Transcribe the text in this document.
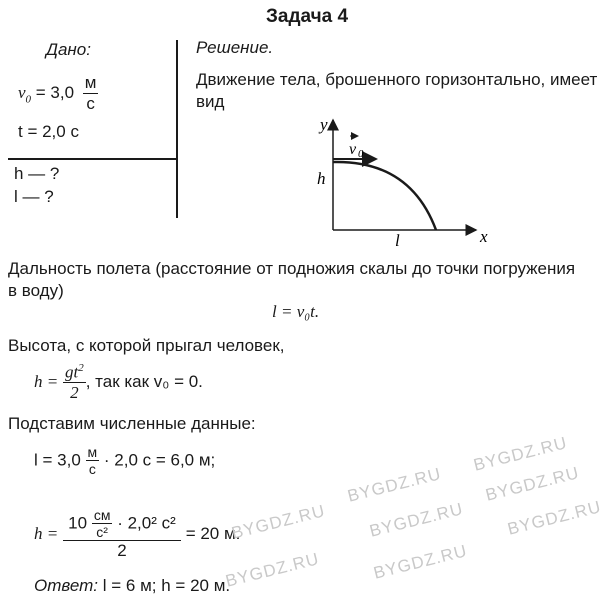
Задача 4
Дано:
$v_0 = 3,0 \frac{м}{с}$
t = 2,0 с
h — ?
l — ?
Решение.
Движение тела, брошенного горизонтально, имеет
вид
y
x
h
l
v 0
Дальность полета (расстояние от подножия скалы до точки погружения
в воду)
l = v₀t.
Высота, с которой прыгал человек,
$h = \frac{gt^2}{2}$ , так как v₀ = 0.
Подставим численные данные:
$l = 3,0 \frac{м}{с} \cdot 2,0$ с = 6,0 м;
$h = \frac{10 \frac{см}{\text{с²}} \cdot 2,0^2 с^2}{2} = 20$ м.
Ответ: l = 6 м; h = 20 м.
BYGDZ.RU
BYGDZ.RU BYGDZ.RU
BYGDZ.RU BYGDZ.RU BYGDZ.RU
BYGDZ.RU	BYGDZ.RU
